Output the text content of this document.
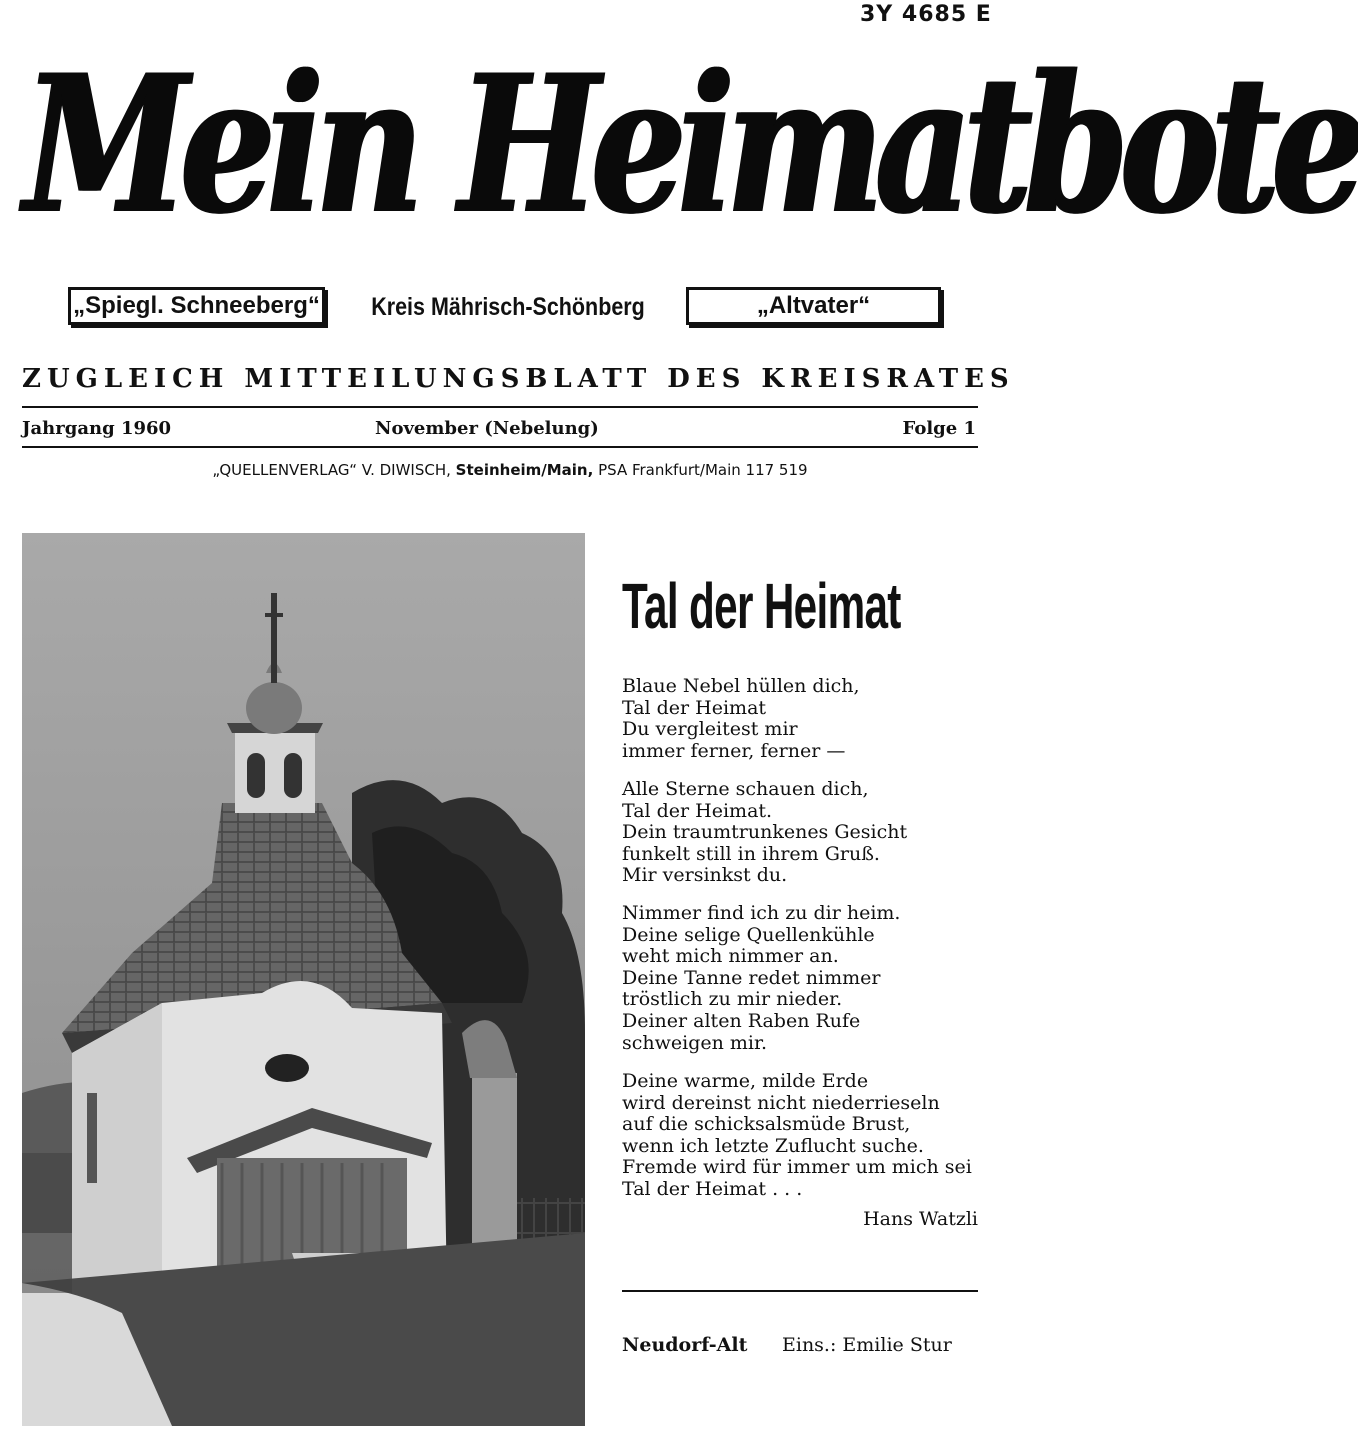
3Y 4685 E
Mein Heimatbote
„Spiegl. Schneeberg“	Kreis Mährisch-Schönberg	„Altvater“
ZUGLEICH MITTEILUNGSBLATT DES KREISRATES
Jahrgang 1960	November (Nebelung)	Folge 1
„QUELLENVERLAG“ V. DIWISCH, Steinheim/Main, PSA Frankfurt/Main 117 519
Tal der Heimat
Blaue Nebel hüllen dich,
Tal der Heimat
Du vergleitest mir
immer ferner, ferner —
Alle Sterne schauen dich,
Tal der Heimat.
Dein traumtrunkenes Gesicht
funkelt still in ihrem Gruß.
Mir versinkst du.
Nimmer find ich zu dir heim.
Deine selige Quellenkühle
weht mich nimmer an.
Deine Tanne redet nimmer
tröstlich zu mir nieder.
Deiner alten Raben Rufe
schweigen mir.
Deine warme, milde Erde
wird dereinst nicht niederrieseln
auf die schicksalsmüde Brust,
wenn ich letzte Zuflucht suche.
Fremde wird für immer um mich sei
Tal der Heimat . . .
Hans Watzli
Neudorf-Alt Eins.: Emilie Stur
